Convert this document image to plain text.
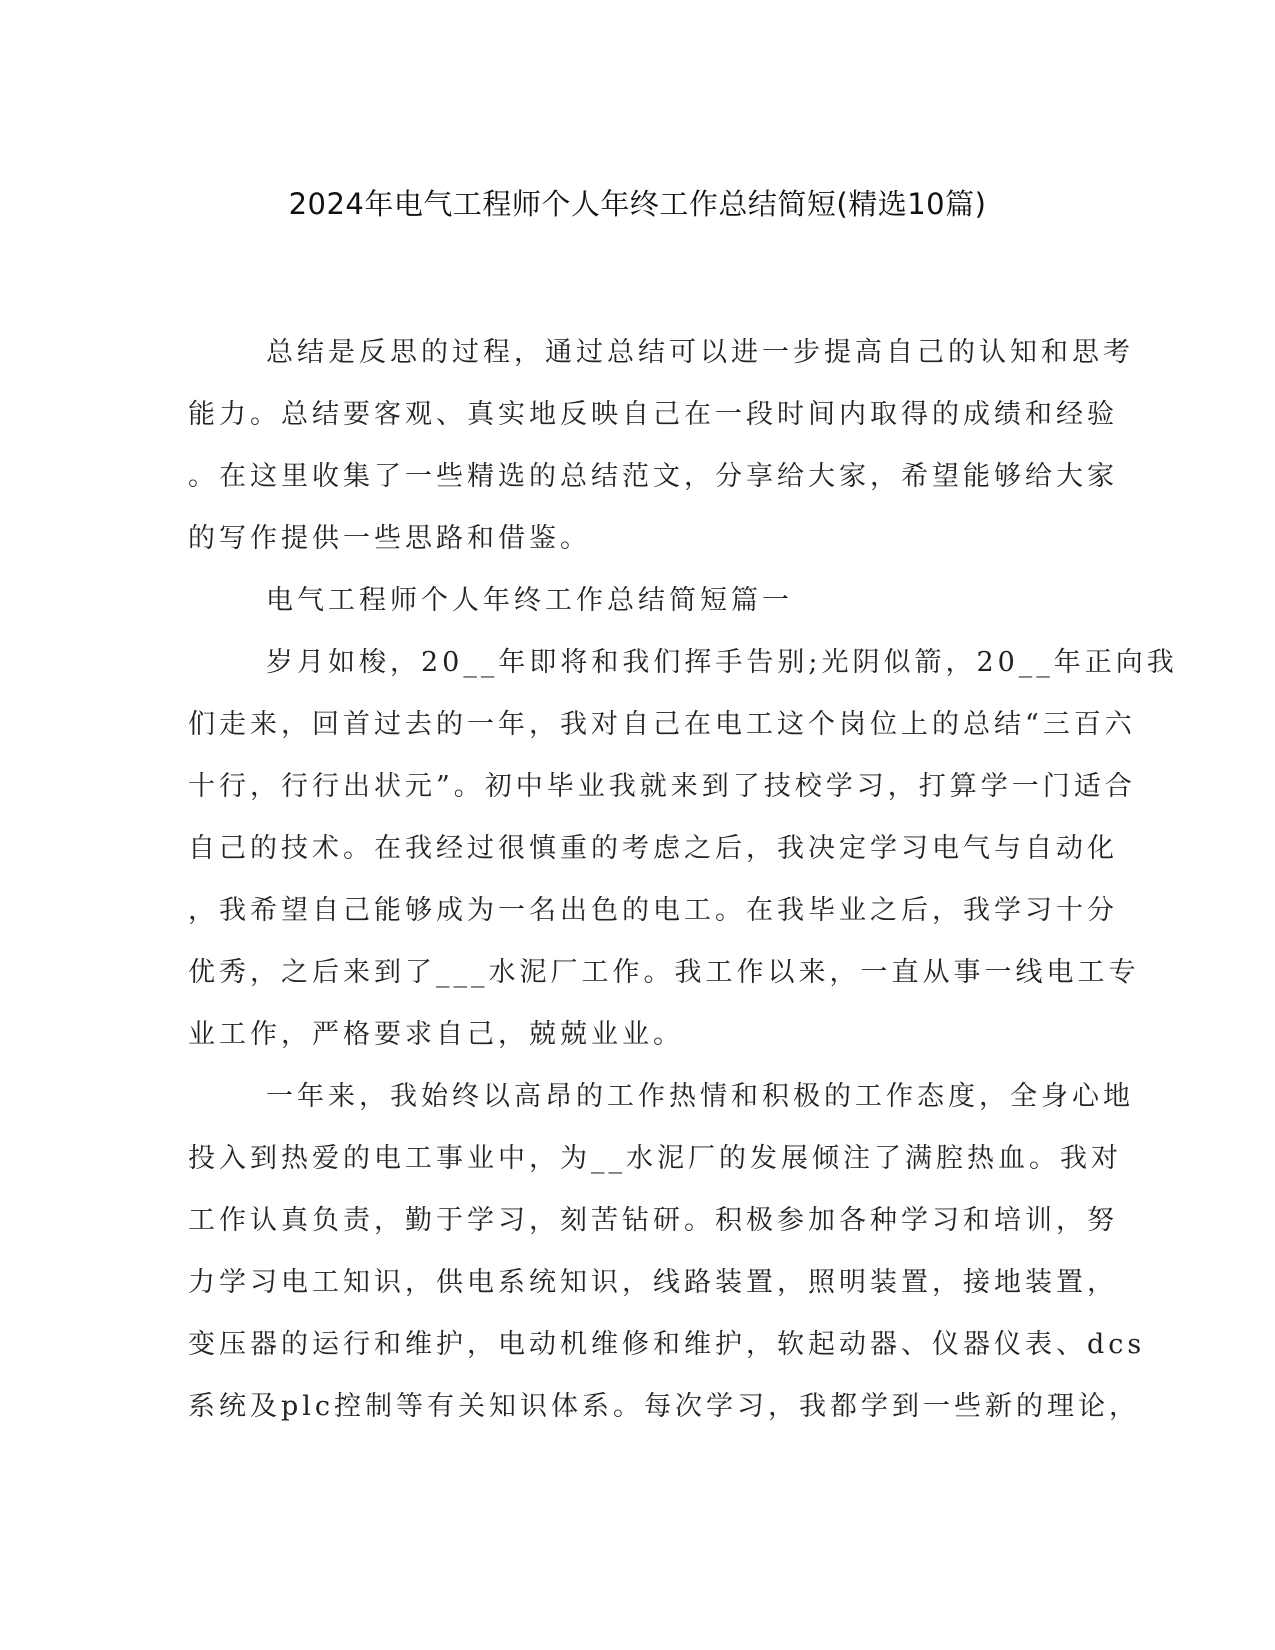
2024年电气工程师个人年终工作总结简短(精选10篇)
总结是反思的过程，通过总结可以进一步提高自己的认知和思考
能力。总结要客观、真实地反映自己在一段时间内取得的成绩和经验
。在这里收集了一些精选的总结范文，分享给大家，希望能够给大家
的写作提供一些思路和借鉴。
电气工程师个人年终工作总结简短篇一
岁月如梭，20__年即将和我们挥手告别;光阴似箭，20__年正向我
们走来，回首过去的一年，我对自己在电工这个岗位上的总结“三百六
十行，行行出状元”。初中毕业我就来到了技校学习，打算学一门适合
自己的技术。在我经过很慎重的考虑之后，我决定学习电气与自动化
，我希望自己能够成为一名出色的电工。在我毕业之后，我学习十分
优秀，之后来到了___水泥厂工作。我工作以来，一直从事一线电工专
业工作，严格要求自己，兢兢业业。
一年来，我始终以高昂的工作热情和积极的工作态度，全身心地
投入到热爱的电工事业中，为__水泥厂的发展倾注了满腔热血。我对
工作认真负责，勤于学习，刻苦钻研。积极参加各种学习和培训，努
力学习电工知识，供电系统知识，线路装置，照明装置，接地装置，
变压器的运行和维护，电动机维修和维护，软起动器、仪器仪表、dcs
系统及plc控制等有关知识体系。每次学习，我都学到一些新的理论，
